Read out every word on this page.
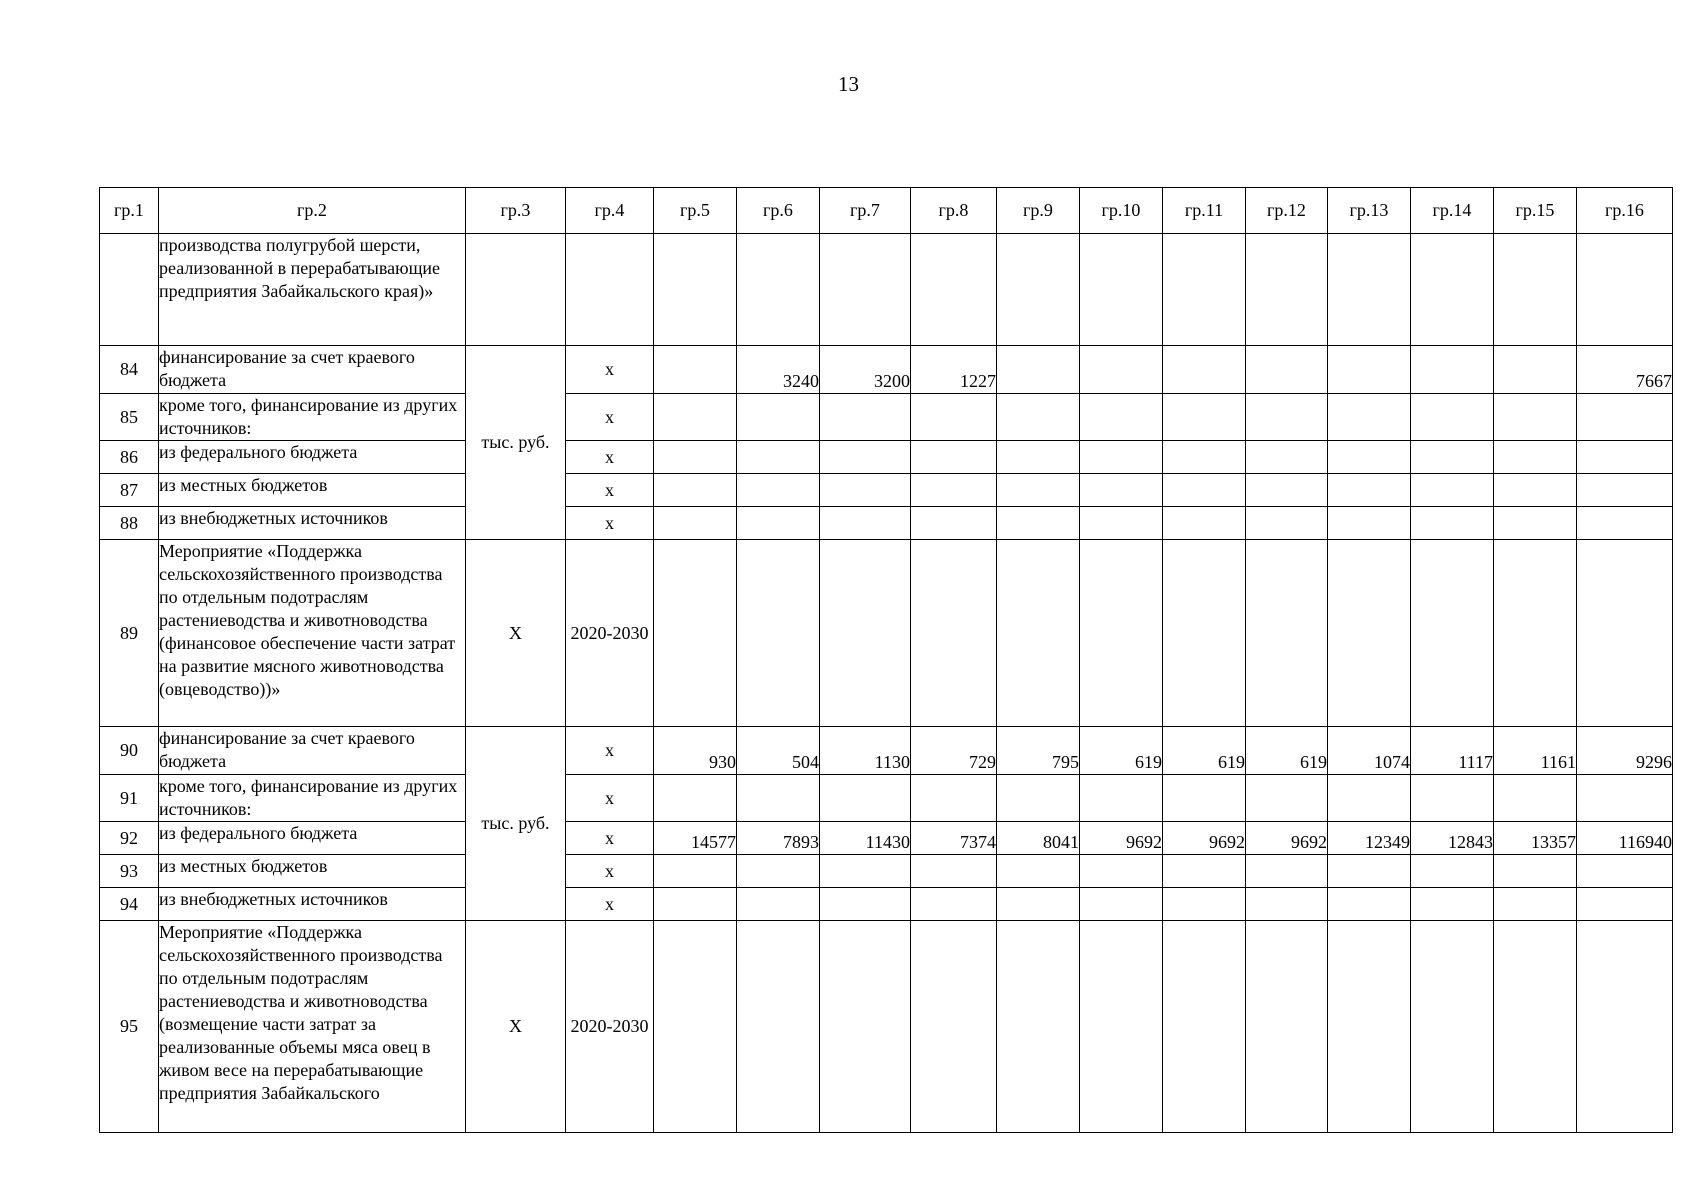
13
гр.1	гр.2	гр.3	гр.4	гр.5	гр.6	гр.7	гр.8	гр.9	гр.10	гр.11	гр.12	гр.13	гр.14	гр.15	гр.16
	производства полугрубой шерсти, реализованной в перерабатывающие предприятия Забайкальского края)»														
84	финансирование за счет краевого бюджета	тыс. руб.	x		3240	3200	1227								7667
85	кроме того, финансирование из других источников:		x												
86	из федерального бюджета		x												
87	из местных бюджетов		x												
88	из внебюджетных источников		x												
89	Мероприятие «Поддержка сельскохозяйственного производства по отдельным подотраслям растениеводства и животноводства (финансовое обеспечение части затрат на развитие мясного животноводства (овцеводство))»	Х	2020-2030												
90	финансирование за счет краевого бюджета	тыс. руб.	x	930	504	1130	729	795	619	619	619	1074	1117	1161	9296
91	кроме того, финансирование из других источников:		x												
92	из федерального бюджета		x	14577	7893	11430	7374	8041	9692	9692	9692	12349	12843	13357	116940
93	из местных бюджетов		x												
94	из внебюджетных источников		x												
95	Мероприятие «Поддержка сельскохозяйственного производства по отдельным подотраслям растениеводства и животноводства (возмещение части затрат за реализованные объемы мяса овец в живом весе на перерабатывающие предприятия Забайкальского	Х	2020-2030												
